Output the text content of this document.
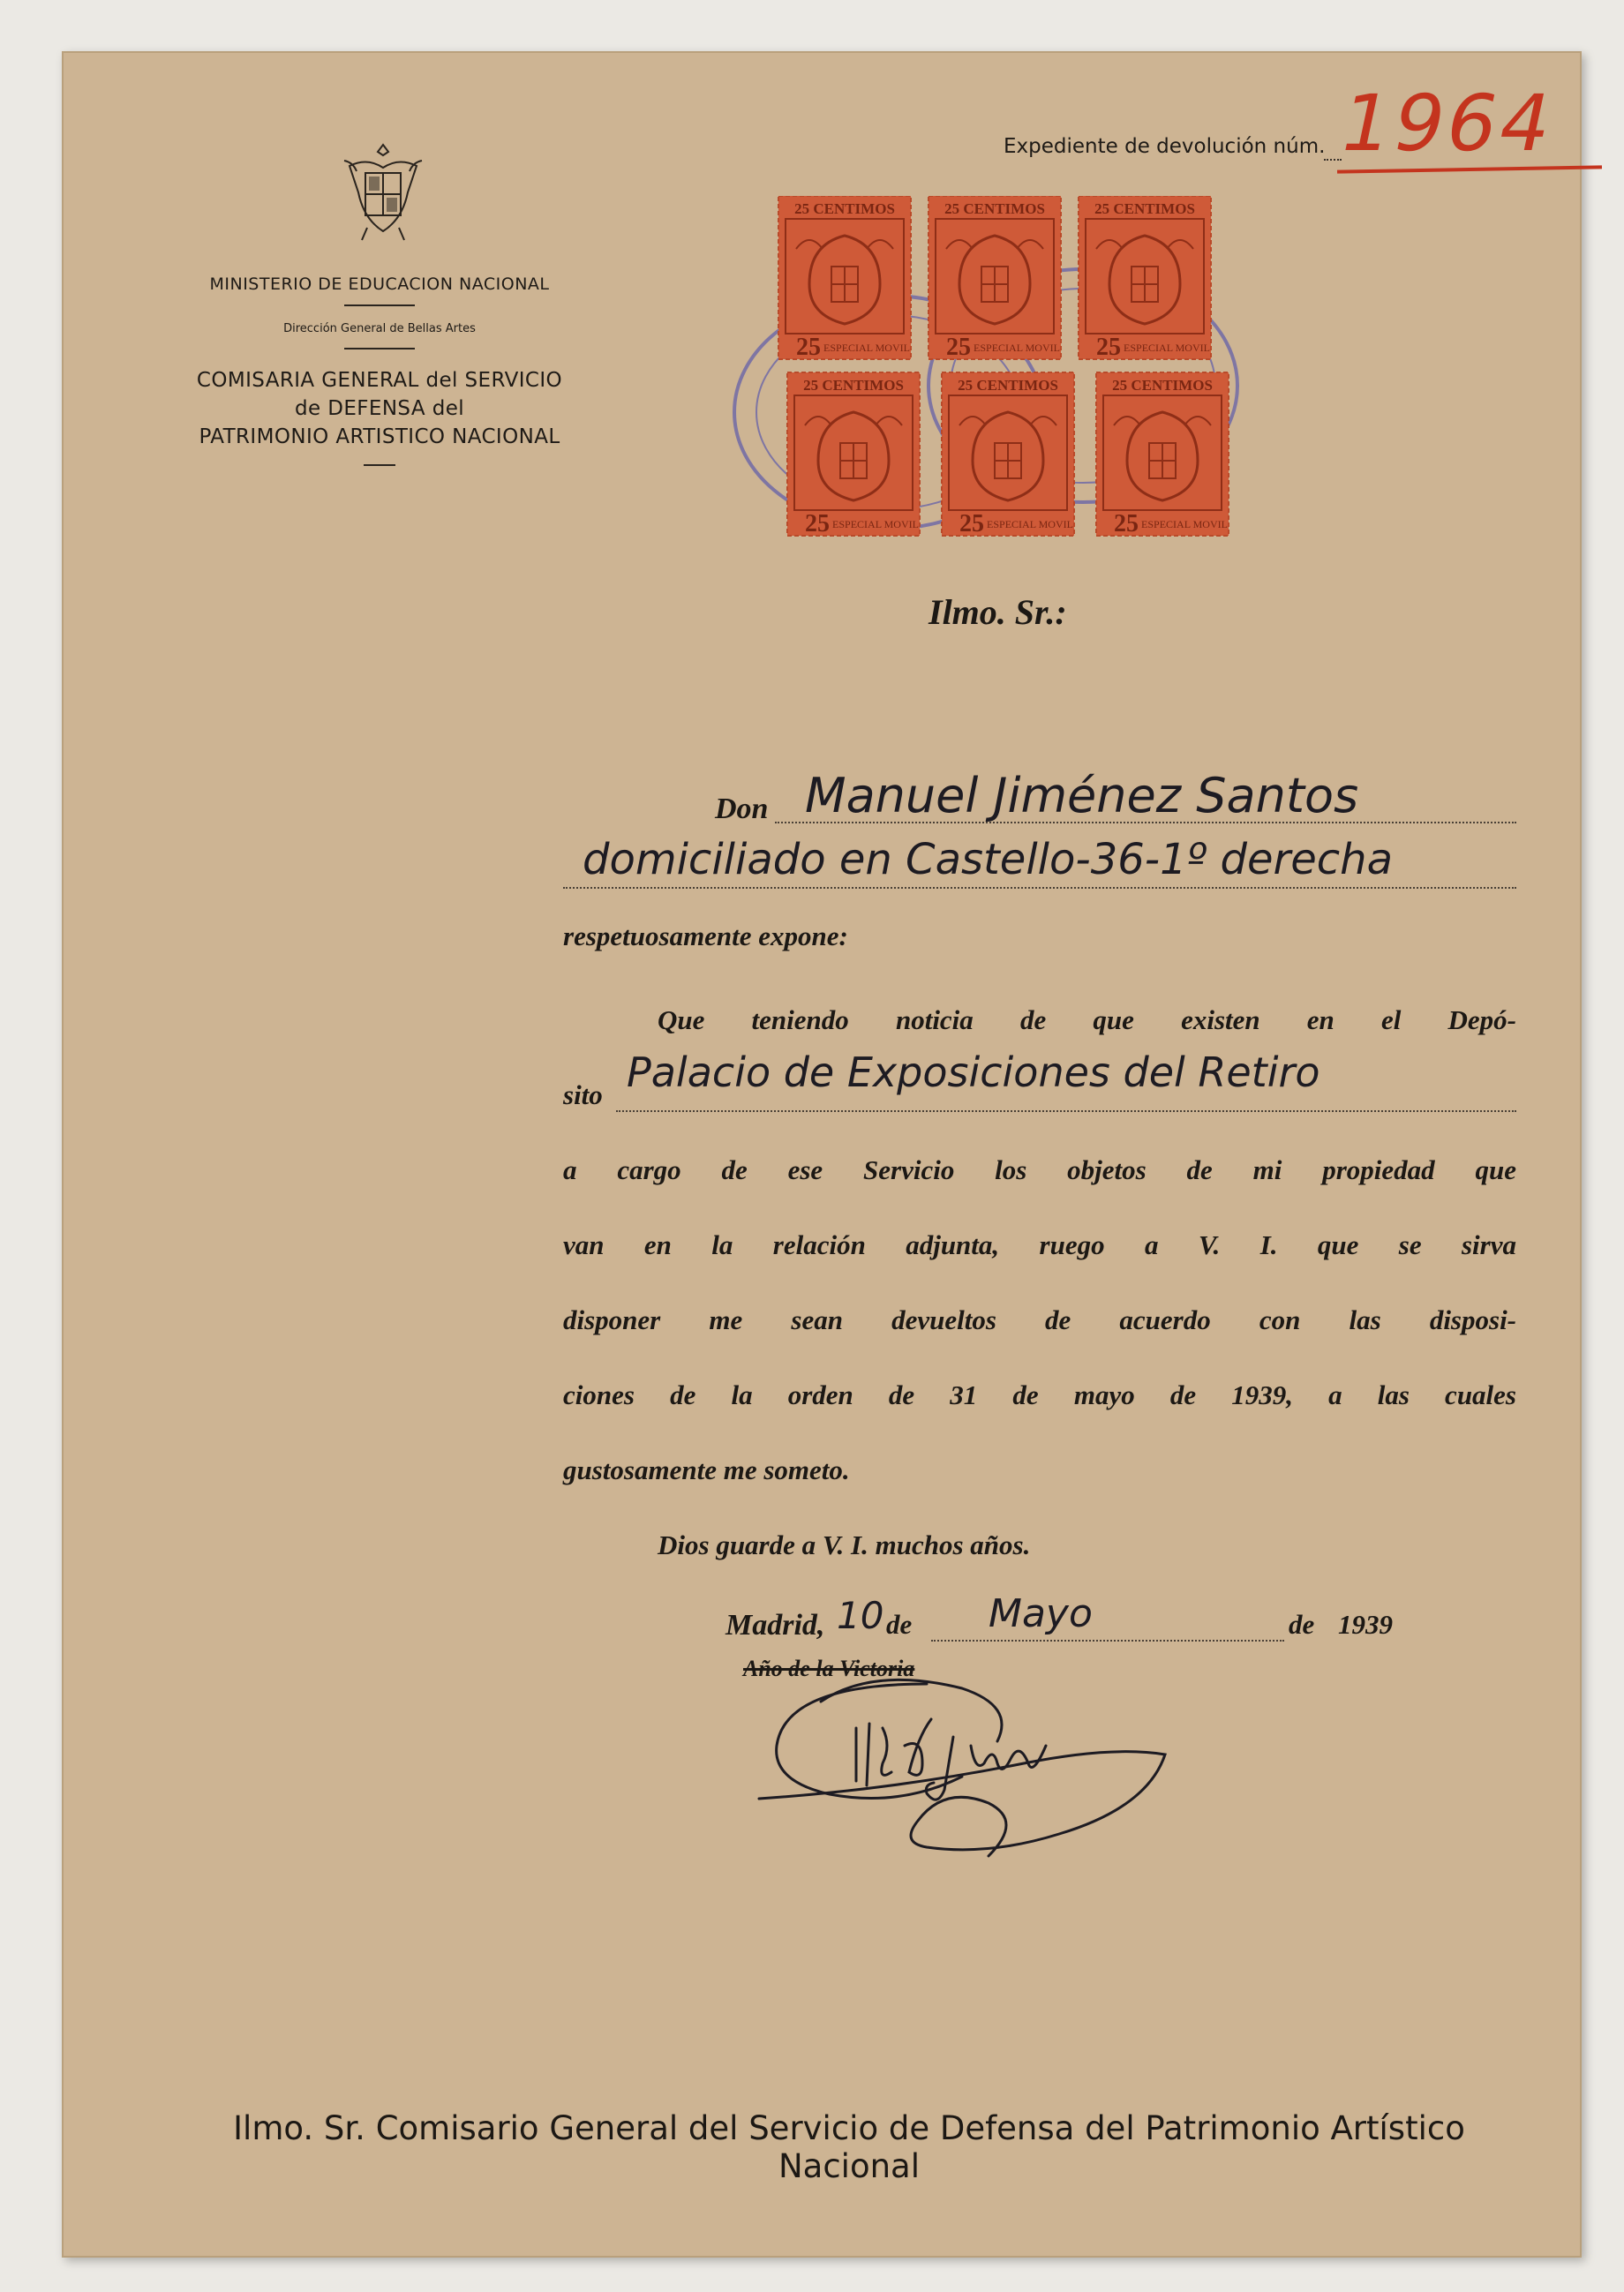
MINISTERIO DE EDUCACION NACIONAL
Dirección General de Bellas Artes
COMISARIA GENERAL del SERVICIO
de DEFENSA del
PATRIMONIO ARTISTICO NACIONAL
Expediente de devolución núm. 1964
25 CENTIMOS
25 ESPECIAL MOVIL
25 CENTIMOS
25 ESPECIAL MOVIL
25 CENTIMOS
25 ESPECIAL MOVIL
25 CENTIMOS
25 ESPECIAL MOVIL
25 CENTIMOS
25 ESPECIAL MOVIL
25 CENTIMOS
25 ESPECIAL MOVIL
Ilmo. Sr.:
Don Manuel Jiménez Santos
domiciliado en Castello-36-1º derecha
respetuosamente expone:
Que teniendo noticia de que existen en el Depó-
sito Palacio de Exposiciones del Retiro
a cargo de ese Servicio los objetos de mi propiedad que
van en la relación adjunta, ruego a V. I. que se sirva
disponer me sean devueltos de acuerdo con las disposi-
ciones de la orden de 31 de mayo de 1939, a las cuales
gustosamente me someto.
Dios guarde a V. I. muchos años.
Madrid, 10 de Mayo	de 1939
Año de la Victoria
Ilmo. Sr. Comisario General del Servicio de Defensa del Patrimonio Artístico Nacional
